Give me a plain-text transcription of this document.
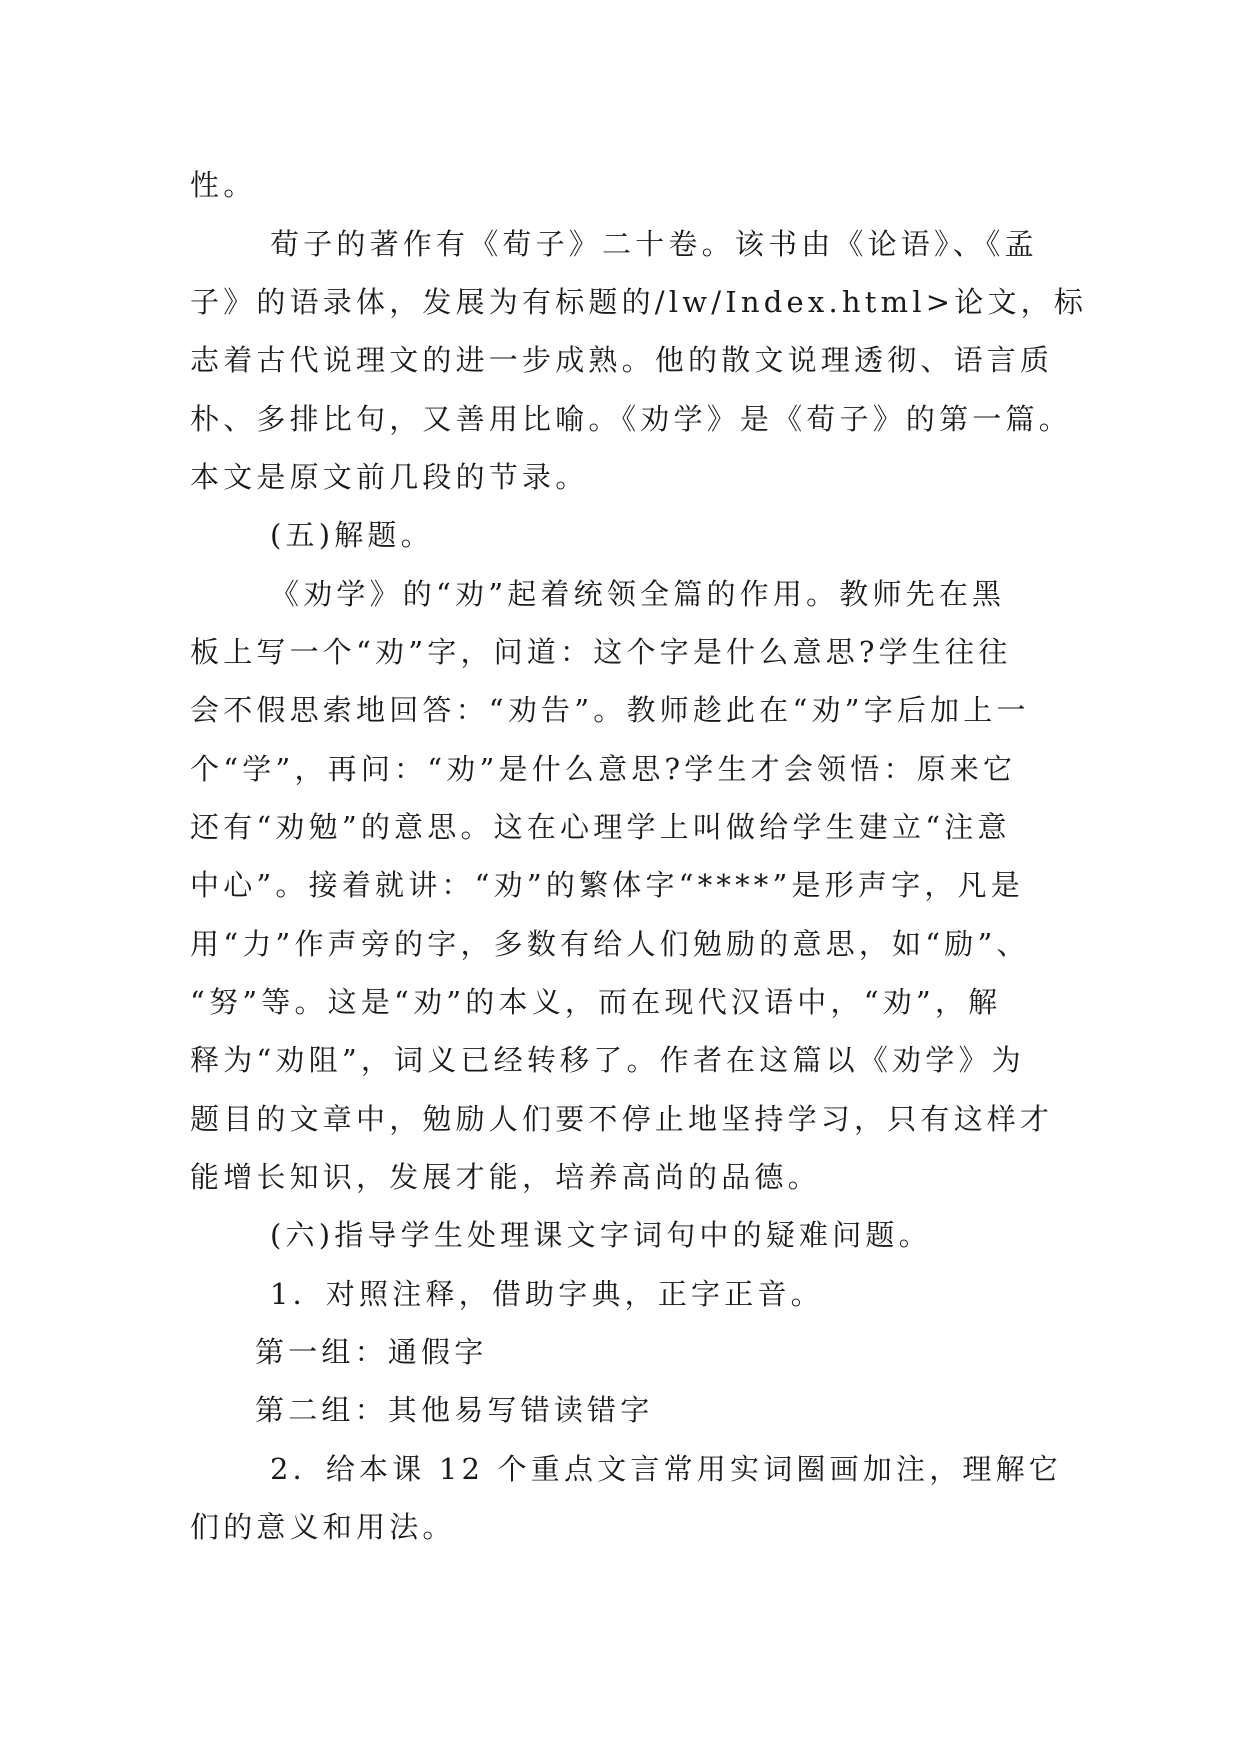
性。

荀子的著作有《荀子》二十卷。该书由《论语》、《孟

子》的语录体，发展为有标题的/lw/Index.html>论文，标

志着古代说理文的进一步成熟。他的散文说理透彻、语言质

朴、多排比句，又善用比喻。《劝学》是《荀子》的第一篇。

本文是原文前几段的节录。

(五)解题。

《劝学》的“劝”起着统领全篇的作用。教师先在黑

板上写一个“劝”字，问道：这个字是什么意思?学生往往

会不假思索地回答：“劝告”。教师趁此在“劝”字后加上一

个“学”，再问：“劝”是什么意思?学生才会领悟：原来它

还有“劝勉”的意思。这在心理学上叫做给学生建立“注意

中心”。接着就讲：“劝”的繁体字“****”是形声字，凡是

用“力”作声旁的字，多数有给人们勉励的意思，如“励”、

“努”等。这是“劝”的本义，而在现代汉语中，“劝”，解

释为“劝阻”，词义已经转移了。作者在这篇以《劝学》为

题目的文章中，勉励人们要不停止地坚持学习，只有这样才

能增长知识，发展才能，培养高尚的品德。

(六)指导学生处理课文字词句中的疑难问题。

1．对照注释，借助字典，正字正音。

第一组：通假字

第二组：其他易写错读错字

2．给本课 12 个重点文言常用实词圈画加注，理解它

们的意义和用法。
